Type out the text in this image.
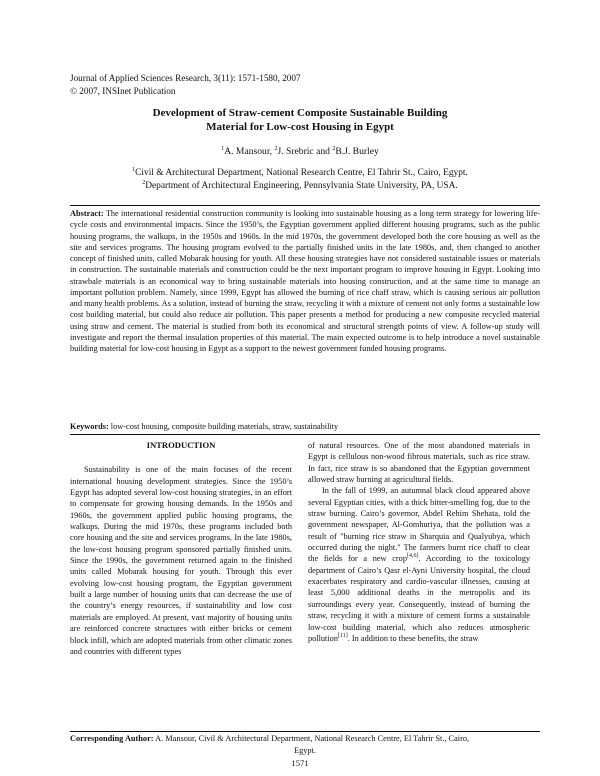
Journal of Applied Sciences Research, 3(11): 1571-1580, 2007
© 2007, INSInet Publication
Development of Straw-cement Composite Sustainable Building
Material for Low-cost Housing in Egypt
$^1$A. Mansour, $^2$J. Srebric and $^2$B.J. Burley
$^1$Civil & Architectural Department, National Research Centre, El Tahrir St., Cairo, Egypt.
$^2$Department of Architectural Engineering, Pennsylvania State University, PA, USA.
Abstract: The international residential construction community is looking into sustainable housing as a long term strategy for lowering life-cycle costs and environmental impacts. Since the 1950’s, the Egyptian government applied different housing programs, such as the public housing programs, the walkups, in the 1950s and 1960s. In the mid 1970s, the government developed both the core housing as well as the site and services programs. The housing program evolved to the partially finished units in the late 1980s, and, then changed to another concept of finished units, called Mobarak housing for youth. All these housing strategies have not considered sustainable issues or materials in construction. The sustainable materials and construction could be the next important program to improve housing in Egypt. Looking into strawbale materials is an economical way to bring sustainable materials into housing construction, and at the same time to manage an important pollution problem. Namely, since 1999, Egypt has allowed the burning of rice chaff straw, which is causing serious air pollution and many health problems. As a solution, instead of burning the straw, recycling it with a mixture of cement not only forms a sustainable low cost building material, but could also reduce air pollution. This paper presents a method for producing a new composite recycled material using straw and cement. The material is studied from both its economical and structural strength points of view. A follow-up study will investigate and report the thermal insulation properties of this material. The main expected outcome is to help introduce a novel sustainable building material for low-cost housing in Egypt as a support to the newest government funded housing programs.
Keywords: low-cost housing, composite building materials, straw, sustainability
INTRODUCTION

Sustainability is one of the main focuses of the recent international housing development strategies. Since the 1950’s Egypt has adopted several low-cost housing strategies, in an effort to compensate for growing housing demands. In the 1950s and 1960s, the government applied public housing programs, the walkups. During the mid 1970s, these programs included both core housing and the site and services programs. In the late 1980s, the low-cost housing program sponsored partially finished units. Since the 1990s, the government returned again to the finished units called Mobarak housing for youth. Through this ever evolving low-cost housing program, the Egyptian government built a large number of housing units that can decrease the use of the country’s energy resources, if sustainability and low cost materials are employed. At present, vast majority of housing units are reinforced concrete structures with either bricks or cement block infill, which are adopted materials from other climatic zones and countries with different types

of natural resources. One of the most abandoned materials in Egypt is cellulous non-wood fibrous materials, such as rice straw. In fact, rice straw is so abandoned that the Egyptian government allowed straw burning at agricultural fields.

In the fall of 1999, an autumnal black cloud appeared above several Egyptian cities, with a thick bitter-smelling fog, due to the straw burning. Cairo’s governor, Abdel Rehim Shehata, told the government newspaper, Al-Gomhuriya, that the pollution was a result of "burning rice straw in Sharquia and Qualyubya, which occurred during the night." The farmers burnt rice chaff to clear the fields for a new crop[4,6]. According to the toxicology department of Cairo’s Qasr el-Ayni University hospital, the cloud exacerbates respiratory and cardio-vascular illnesses, causing at least 5,000 additional deaths in the metropolis and its surroundings every year. Consequently, instead of burning the straw, recycling it with a mixture of cement forms a sustainable low-cost building material, which also reduces atmospheric pollution[11]. In addition to these benefits, the straw

Corresponding Author: A. Mansour, Civil & Architectural Department, National Research Centre, El Tahrir St., Cairo,
Egypt.
1571
